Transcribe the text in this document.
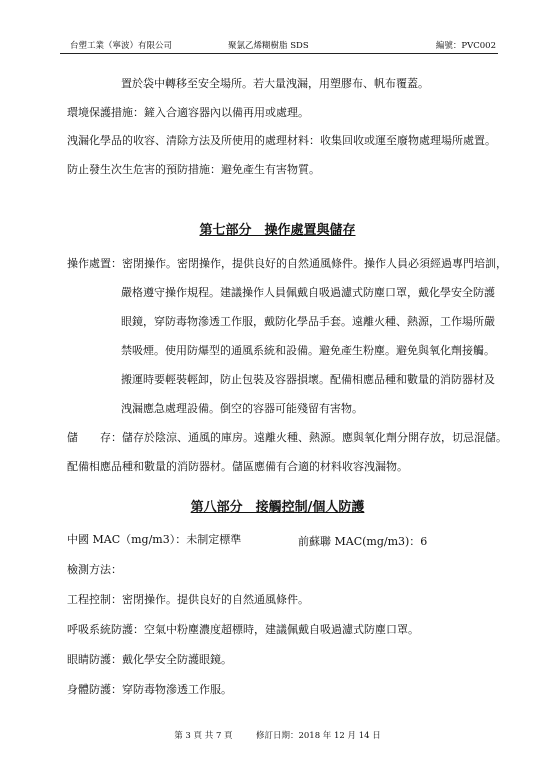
台塑工業（寧波）有限公司	聚氯乙烯糊樹脂 SDS	編號：PVC002
置於袋中轉移至安全場所。若大量洩漏，用塑膠布、帆布覆蓋。
環境保護措施：鏟入合適容器內以備再用或處理。
洩漏化學品的收容、清除方法及所使用的處理材料：收集回收或運至廢物處理場所處置。
防止發生次生危害的預防措施：避免產生有害物質。
第七部分　操作處置與儲存
操作處置：密閉操作。密閉操作，提供良好的自然通風條件。操作人員必須經過專門培訓，
嚴格遵守操作規程。建議操作人員佩戴自吸過濾式防塵口罩，戴化學安全防護
眼鏡，穿防毒物滲透工作服，戴防化學品手套。遠離火種、熱源，工作場所嚴
禁吸煙。使用防爆型的通風系統和設備。避免產生粉塵。避免與氧化劑接觸。
搬運時要輕裝輕卸，防止包裝及容器損壞。配備相應品種和數量的消防器材及
洩漏應急處理設備。倒空的容器可能殘留有害物。
儲　　存：儲存於陰涼、通風的庫房。遠離火種、熱源。應與氧化劑分開存放，切忌混儲。
配備相應品種和數量的消防器材。儲區應備有合適的材料收容洩漏物。
第八部分　接觸控制/個人防護
中國 MAC（mg/m3）：未制定標準	前蘇聯 MAC(mg/m3)：6
檢測方法：
工程控制：密閉操作。提供良好的自然通風條件。
呼吸系統防護：空氣中粉塵濃度超標時，建議佩戴自吸過濾式防塵口罩。
眼睛防護：戴化學安全防護眼鏡。
身體防護：穿防毒物滲透工作服。
第 3 頁 共 7 頁	修訂日期：2018 年 12 月 14 日
